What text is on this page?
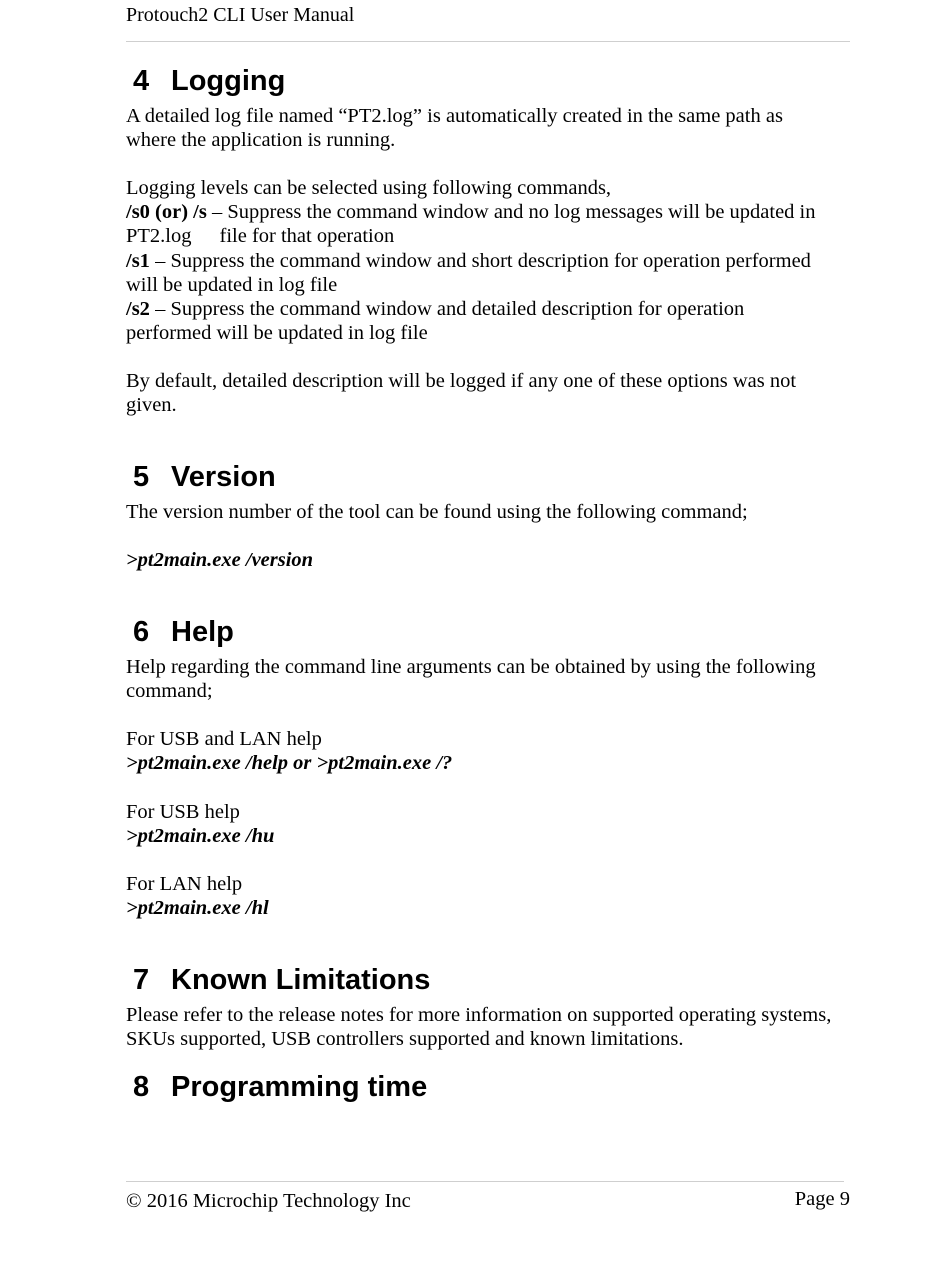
Protouch2 CLI User Manual
4 Logging

A detailed log file named “PT2.log” is automatically created in the same path as
where the application is running.

Logging levels can be selected using following commands,
/s0 (or) /s – Suppress the command window and no log messages will be updated in
PT2.log file for that operation
/s1 – Suppress the command window and short description for operation performed
will be updated in log file
/s2 – Suppress the command window and detailed description for operation
performed will be updated in log file

By default, detailed description will be logged if any one of these options was not
given.

5 Version

The version number of the tool can be found using the following command;

>pt2main.exe /version

6 Help

Help regarding the command line arguments can be obtained by using the following
command;

For USB and LAN help
>pt2main.exe /help or >pt2main.exe /?

For USB help
>pt2main.exe /hu

For LAN help
>pt2main.exe /hl

7 Known Limitations

Please refer to the release notes for more information on supported operating systems,
SKUs supported, USB controllers supported and known limitations.

8 Programming time
© 2016 Microchip Technology Inc	Page 9
